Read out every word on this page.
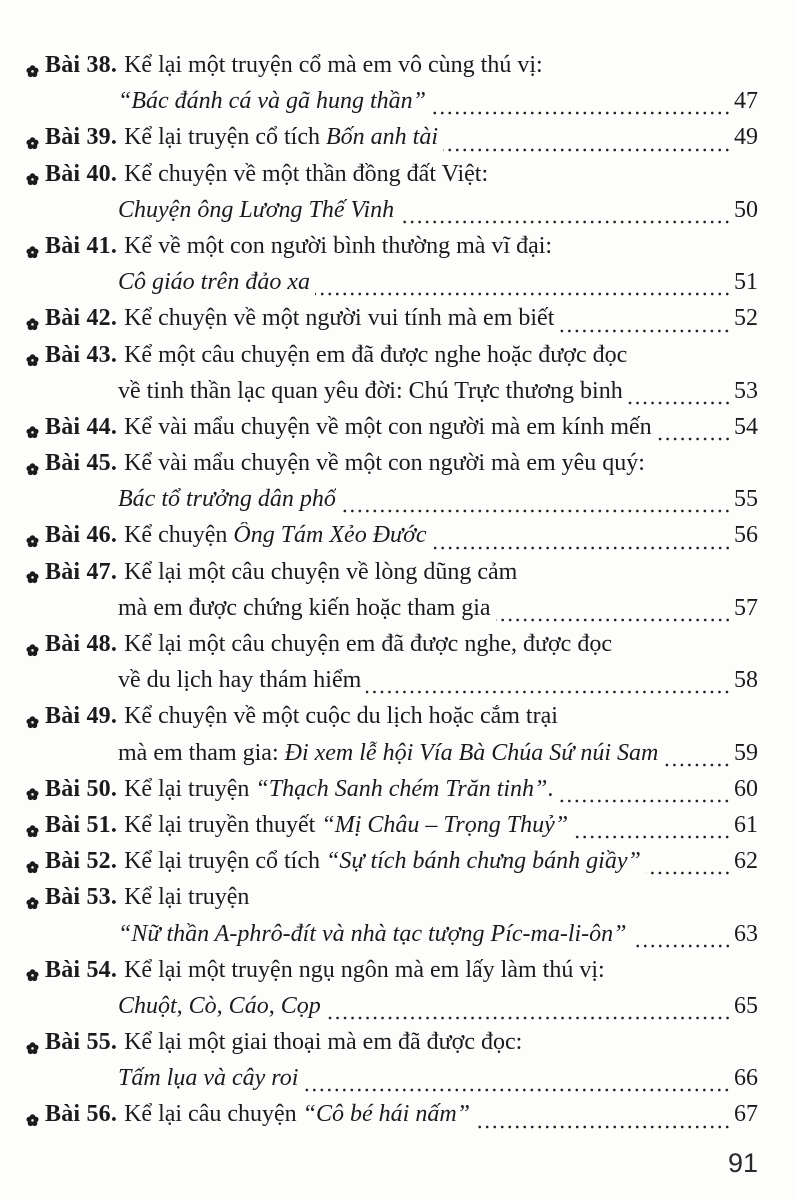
Bài 38. Kể lại một truyện cổ mà em vô cùng thú vị:
“Bác đánh cá và gã hung thần”	47
Bài 39. Kể lại truyện cổ tích Bốn anh tài	49
Bài 40. Kể chuyện về một thần đồng đất Việt:
Chuyện ông Lương Thế Vinh	50
Bài 41. Kể về một con người bình thường mà vĩ đại:
Cô giáo trên đảo xa	51
Bài 42. Kể chuyện về một người vui tính mà em biết	52
Bài 43. Kể một câu chuyện em đã được nghe hoặc được đọc
về tinh thần lạc quan yêu đời: Chú Trực thương binh	53
Bài 44. Kể vài mẩu chuyện về một con người mà em kính mến	54
Bài 45. Kể vài mẩu chuyện về một con người mà em yêu quý:
Bác tổ trưởng dân phố	55
Bài 46. Kể chuyện Ông Tám Xẻo Đước	56
Bài 47. Kể lại một câu chuyện về lòng dũng cảm
mà em được chứng kiến hoặc tham gia	57
Bài 48. Kể lại một câu chuyện em đã được nghe, được đọc
về du lịch hay thám hiểm	58
Bài 49. Kể chuyện về một cuộc du lịch hoặc cắm trại
mà em tham gia: Đi xem lễ hội Vía Bà Chúa Sứ núi Sam	59
Bài 50. Kể lại truyện “Thạch Sanh chém Trăn tinh”.	60
Bài 51. Kể lại truyền thuyết “Mị Châu – Trọng Thuỷ”	61
Bài 52. Kể lại truyện cổ tích “Sự tích bánh chưng bánh giầy”	62
Bài 53. Kể lại truyện
“Nữ thần A-phrô-đít và nhà tạc tượng Píc-ma-li-ôn”	63
Bài 54. Kể lại một truyện ngụ ngôn mà em lấy làm thú vị:
Chuột, Cò, Cáo, Cọp	65
Bài 55. Kể lại một giai thoại mà em đã được đọc:
Tấm lụa và cây roi	66
Bài 56. Kể lại câu chuyện “Cô bé hái nấm”	67
91
